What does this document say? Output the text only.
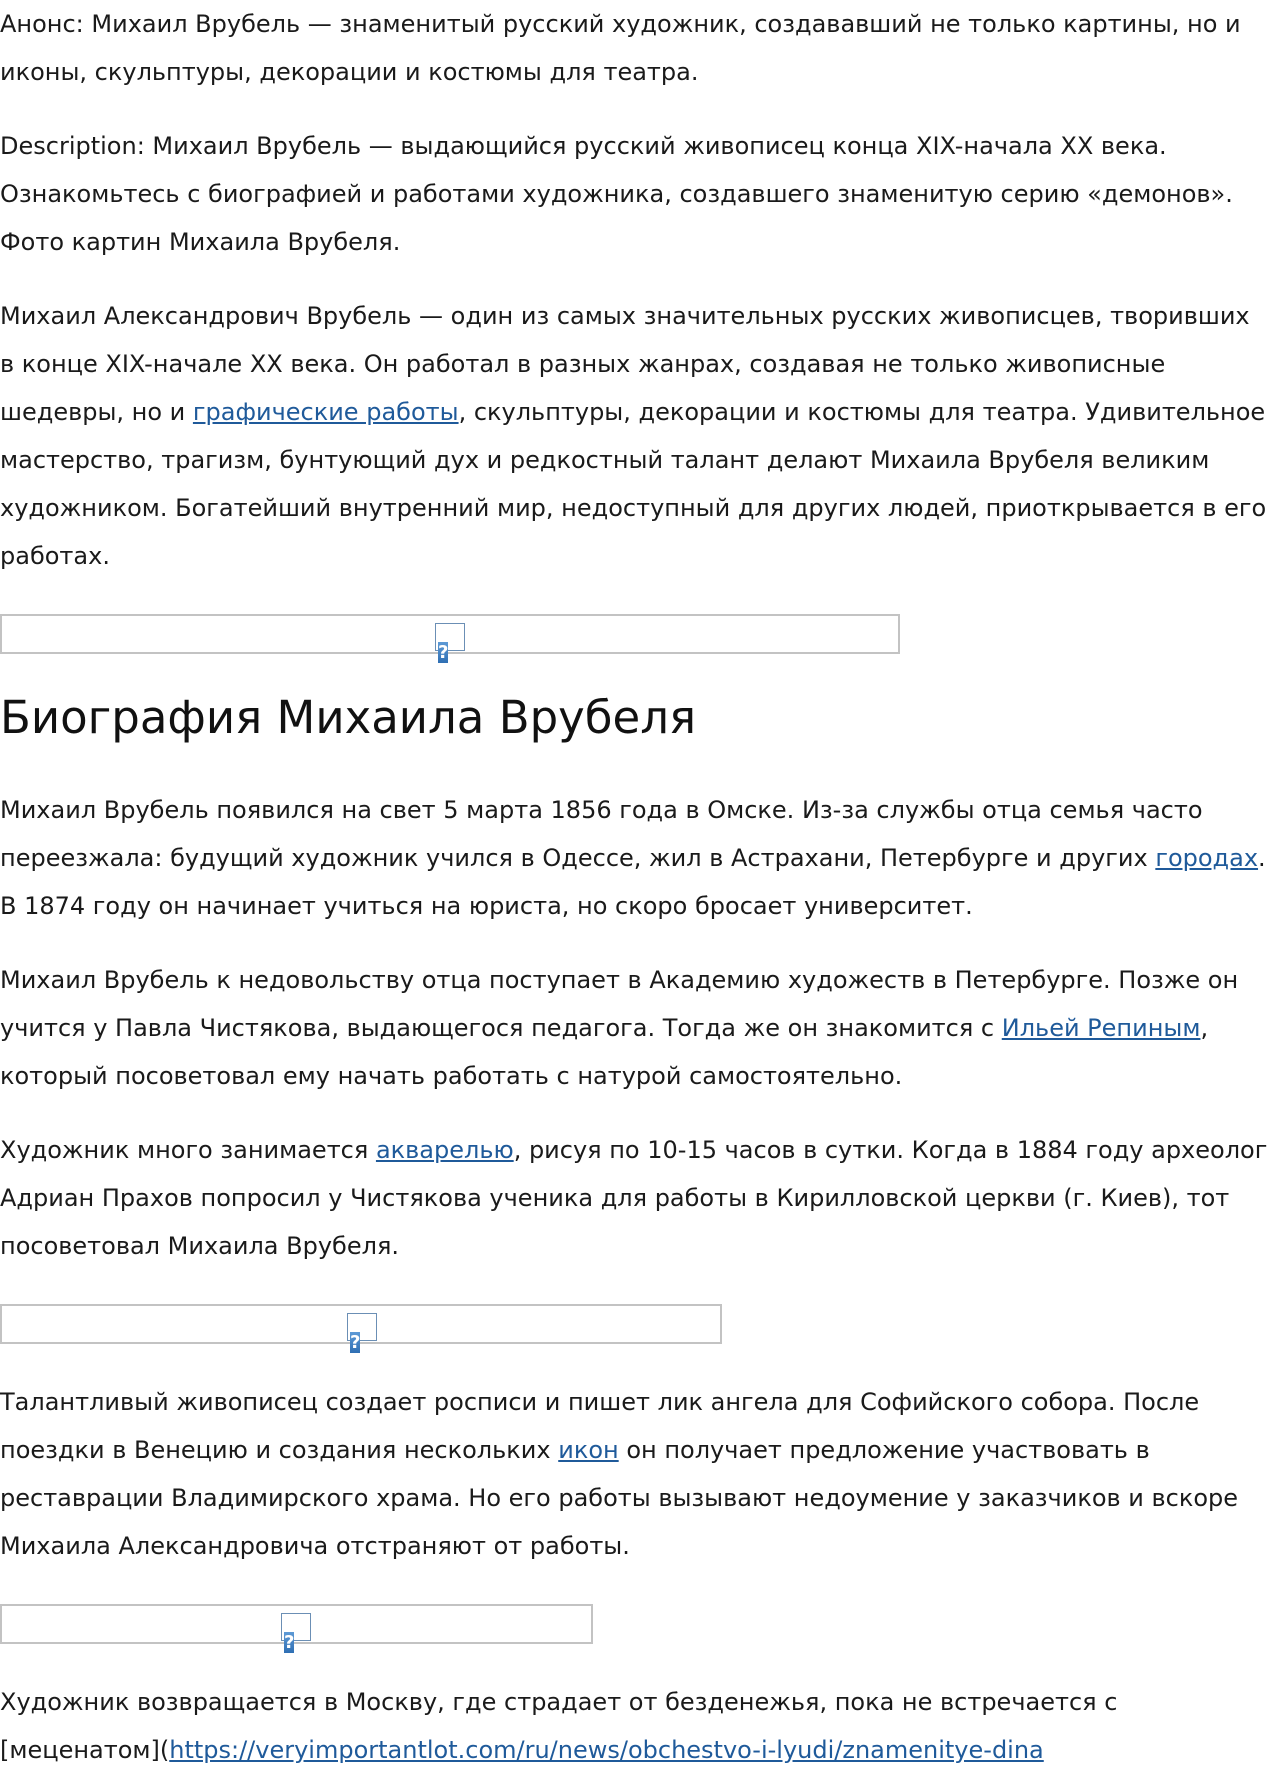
Анонс: Михаил Врубель — знаменитый русский художник, создававший не только картины, но и иконы, скульптуры, декорации и костюмы для театра.

Description: Михаил Врубель — выдающийся русский живописец конца XIX-начала XX века. Ознакомьтесь с биографией и работами художника, создавшего знаменитую серию «демонов». Фото картин Михаила Врубеля.

Михаил Александрович Врубель — один из самых значительных русских живописцев, творивших в конце XIX-начале XX века. Он работал в разных жанрах, создавая не только живописные шедевры, но и графические работы, скульптуры, декорации и костюмы для театра. Удивительное мастерство, трагизм, бунтующий дух и редкостный талант делают Михаила Врубеля великим художником. Богатейший внутренний мир, недоступный для других людей, приоткрывается в его работах.

?
Биография Михаила Врубеля

Михаил Врубель появился на свет 5 марта 1856 года в Омске. Из-за службы отца семья часто переезжала: будущий художник учился в Одессе, жил в Астрахани, Петербурге и других городах. В 1874 году он начинает учиться на юриста, но скоро бросает университет.

Михаил Врубель к недовольству отца поступает в Академию художеств в Петербурге. Позже он учится у Павла Чистякова, выдающегося педагога. Тогда же он знакомится с Ильей Репиным, который посоветовал ему начать работать с натурой самостоятельно.

Художник много занимается акварелью, рисуя по 10-15 часов в сутки. Когда в 1884 году археолог Адриан Прахов попросил у Чистякова ученика для работы в Кирилловской церкви (г. Киев), тот посоветовал Михаила Врубеля.

?

Талантливый живописец создает росписи и пишет лик ангела для Софийского собора. После поездки в Венецию и создания нескольких икон он получает предложение участвовать в реставрации Владимирского храма. Но его работы вызывают недоумение у заказчиков и вскоре Михаила Александровича отстраняют от работы.

?

Художник возвращается в Москву, где страдает от безденежья, пока не встречается с [меценатом](https://veryimportantlot.com/ru/news/obchestvo-i-lyudi/znamenitye-dina
